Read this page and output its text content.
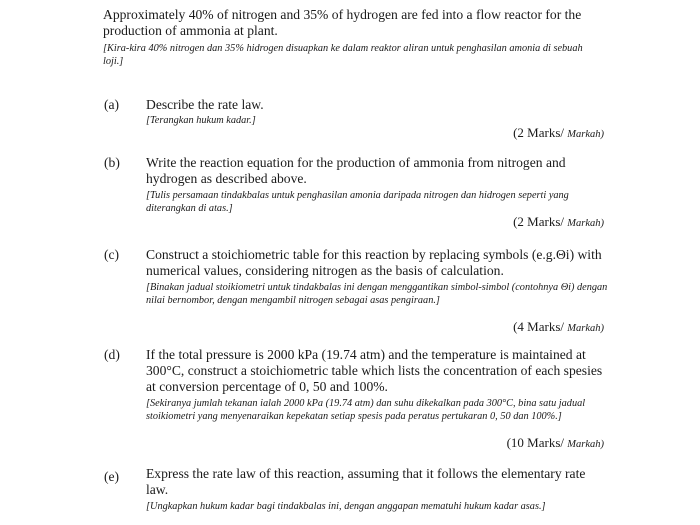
Approximately 40% of nitrogen and 35% of hydrogen are fed into a flow reactor for the production of ammonia at plant.
[Kira-kira 40% nitrogen dan 35% hidrogen disuapkan ke dalam reaktor aliran untuk penghasilan amonia di sebuah loji.]
(a) Describe the rate law.
[Terangkan hukum kadar.]
(2 Marks/ Markah)
(b) Write the reaction equation for the production of ammonia from nitrogen and hydrogen as described above.
[Tulis persamaan tindakbalas untuk penghasilan amonia daripada nitrogen dan hidrogen seperti yang diterangkan di atas.]
(2 Marks/ Markah)
(c) Construct a stoichiometric table for this reaction by replacing symbols (e.g.Θi) with numerical values, considering nitrogen as the basis of calculation.
[Binakan jadual stoikiometri untuk tindakbalas ini dengan menggantikan simbol-simbol (contohnya Θi) dengan nilai bernombor, dengan mengambil nitrogen sebagai asas pengiraan.]
(4 Marks/ Markah)
(d) If the total pressure is 2000 kPa (19.74 atm) and the temperature is maintained at 300°C, construct a stoichiometric table which lists the concentration of each spesies at conversion percentage of 0, 50 and 100%.
[Sekiranya jumlah tekanan ialah 2000 kPa (19.74 atm) dan suhu dikekalkan pada 300°C, bina satu jadual stoikiometri yang menyenaraikan kepekatan setiap spesis pada peratus pertukaran 0, 50 dan 100%.]
(10 Marks/ Markah)
(e) Express the rate law of this reaction, assuming that it follows the elementary rate law.
[Ungkapkan hukum kadar bagi tindakbalas ini, dengan anggapan mematuhi hukum kadar asas.]
